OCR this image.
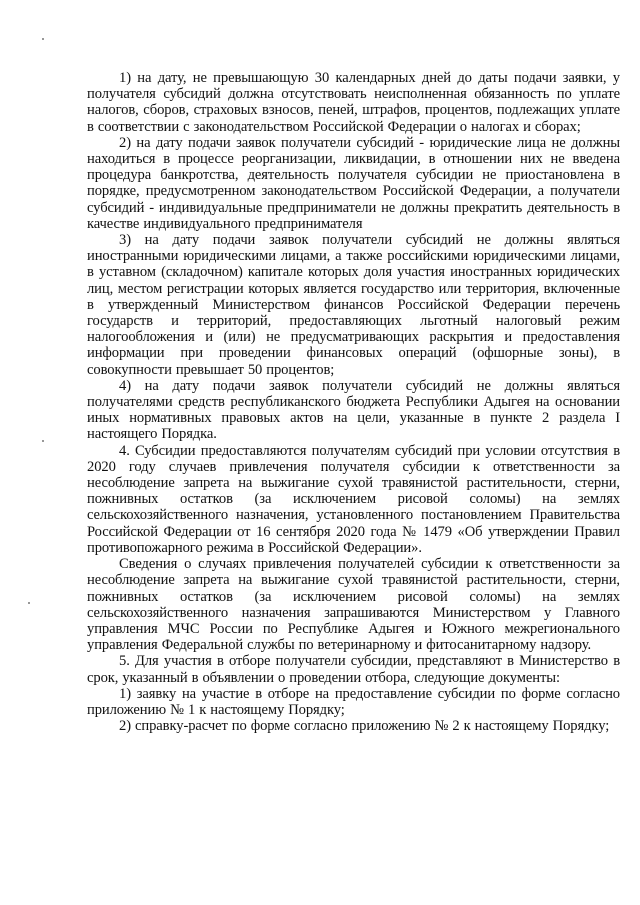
1) на дату, не превышающую 30 календарных дней до даты подачи заявки, у получателя субсидий должна отсутствовать неисполненная обязанность по уплате налогов, сборов, страховых взносов, пеней, штрафов, процентов, подлежащих уплате в соответствии с законодательством Российской Федерации о налогах и сборах;

2) на дату подачи заявок получатели субсидий - юридические лица не должны находиться в процессе реорганизации, ликвидации, в отношении них не введена процедура банкротства, деятельность получателя субсидии не приостановлена в порядке, предусмотренном законодательством Российской Федерации, а получатели субсидий - индивидуальные предприниматели не должны прекратить деятельность в качестве индивидуального предпринимателя

3) на дату подачи заявок получатели субсидий не должны являться иностранными юридическими лицами, а также российскими юридическими лицами, в уставном (складочном) капитале которых доля участия иностранных юридических лиц, местом регистрации которых является государство или территория, включенные в утвержденный Министерством финансов Российской Федерации перечень государств и территорий, предоставляющих льготный налоговый режим налогообложения и (или) не предусматривающих раскрытия и предоставления информации при проведении финансовых операций (офшорные зоны), в совокупности превышает 50 процентов;

4) на дату подачи заявок получатели субсидий не должны являться получателями средств республиканского бюджета Республики Адыгея на основании иных нормативных правовых актов на цели, указанные в пункте 2 раздела I настоящего Порядка.

4. Субсидии предоставляются получателям субсидий при условии отсутствия в 2020 году случаев привлечения получателя субсидии к ответственности за несоблюдение запрета на выжигание сухой травянистой растительности, стерни, пожнивных остатков (за исключением рисовой соломы) на землях сельскохозяйственного назначения, установленного постановлением Правительства Российской Федерации от 16 сентября 2020 года № 1479 «Об утверждении Правил противопожарного режима в Российской Федерации».

Сведения о случаях привлечения получателей субсидии к ответственности за несоблюдение запрета на выжигание сухой травянистой растительности, стерни, пожнивных остатков (за исключением рисовой соломы) на землях сельскохозяйственного назначения запрашиваются Министерством у Главного управления МЧС России по Республике Адыгея и Южного межрегионального управления Федеральной службы по ветеринарному и фитосанитарному надзору.

5. Для участия в отборе получатели субсидии, представляют в Министерство в срок, указанный в объявлении о проведении отбора, следующие документы:

1) заявку на участие в отборе на предоставление субсидии по форме согласно приложению № 1 к настоящему Порядку;

2) справку-расчет по форме согласно приложению № 2 к настоящему Порядку;
